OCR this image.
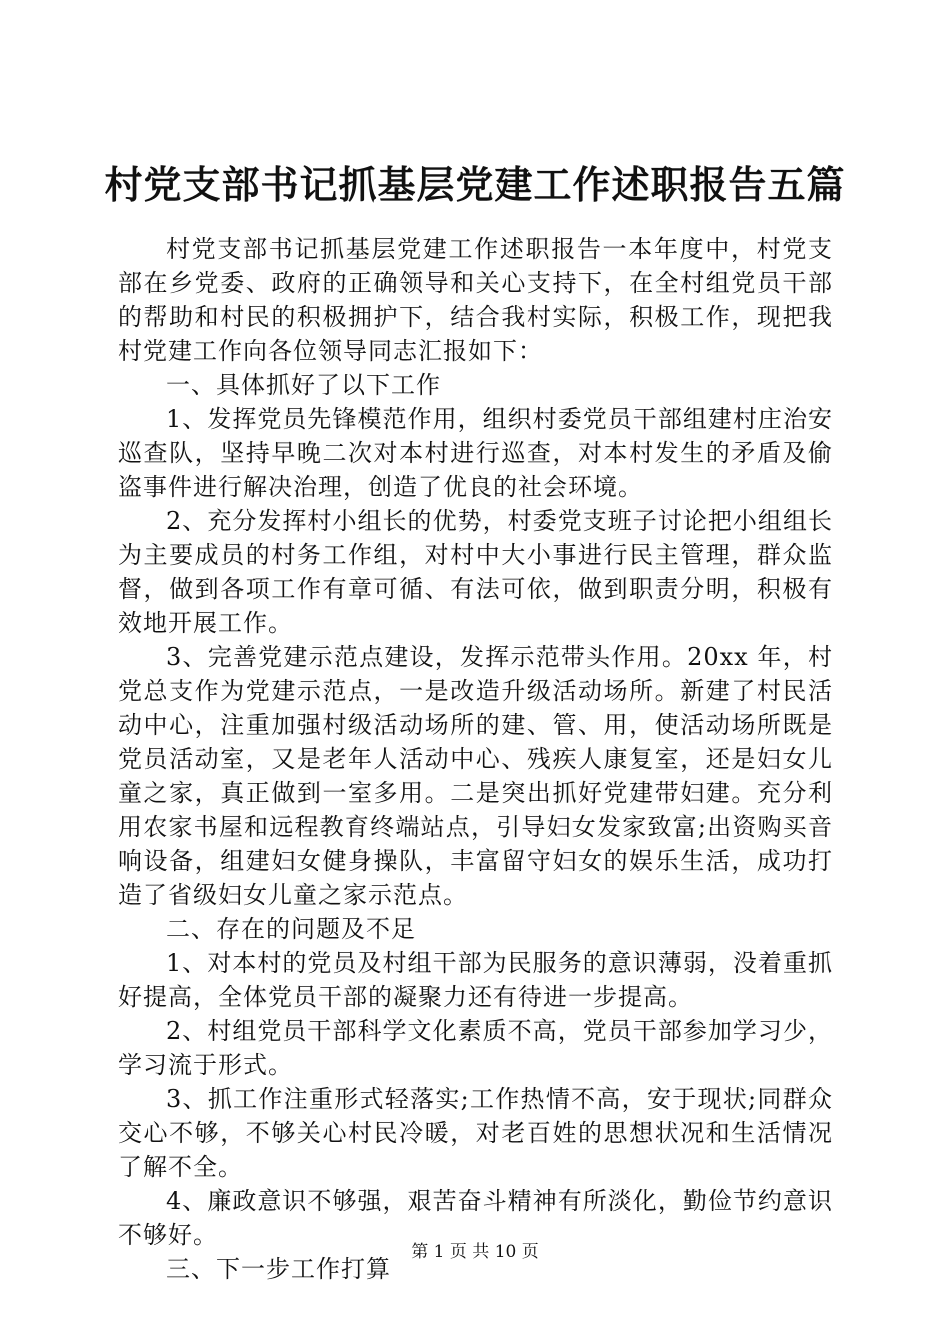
村党支部书记抓基层党建工作述职报告五篇

村党支部书记抓基层党建工作述职报告一本年度中，村党支部在乡党委、政府的正确领导和关心支持下，在全村组党员干部的帮助和村民的积极拥护下，结合我村实际，积极工作，现把我村党建工作向各位领导同志汇报如下：

一、具体抓好了以下工作

1、发挥党员先锋模范作用，组织村委党员干部组建村庄治安巡查队，坚持早晚二次对本村进行巡查，对本村发生的矛盾及偷盗事件进行解决治理，创造了优良的社会环境。

2、充分发挥村小组长的优势，村委党支班子讨论把小组组长为主要成员的村务工作组，对村中大小事进行民主管理，群众监督，做到各项工作有章可循、有法可依，做到职责分明，积极有效地开展工作。

3、完善党建示范点建设，发挥示范带头作用。20xx 年，村党总支作为党建示范点，一是改造升级活动场所。新建了村民活动中心，注重加强村级活动场所的建、管、用，使活动场所既是党员活动室，又是老年人活动中心、残疾人康复室，还是妇女儿童之家，真正做到一室多用。二是突出抓好党建带妇建。充分利用农家书屋和远程教育终端站点，引导妇女发家致富;出资购买音响设备，组建妇女健身操队，丰富留守妇女的娱乐生活，成功打造了省级妇女儿童之家示范点。

二、存在的问题及不足

1、对本村的党员及村组干部为民服务的意识薄弱，没着重抓好提高，全体党员干部的凝聚力还有待进一步提高。

2、村组党员干部科学文化素质不高，党员干部参加学习少，学习流于形式。

3、抓工作注重形式轻落实;工作热情不高，安于现状;同群众交心不够，不够关心村民冷暖，对老百姓的思想状况和生活情况了解不全。

4、廉政意识不够强，艰苦奋斗精神有所淡化，勤俭节约意识不够好。

三、下一步工作打算

第 1 页 共 10 页
